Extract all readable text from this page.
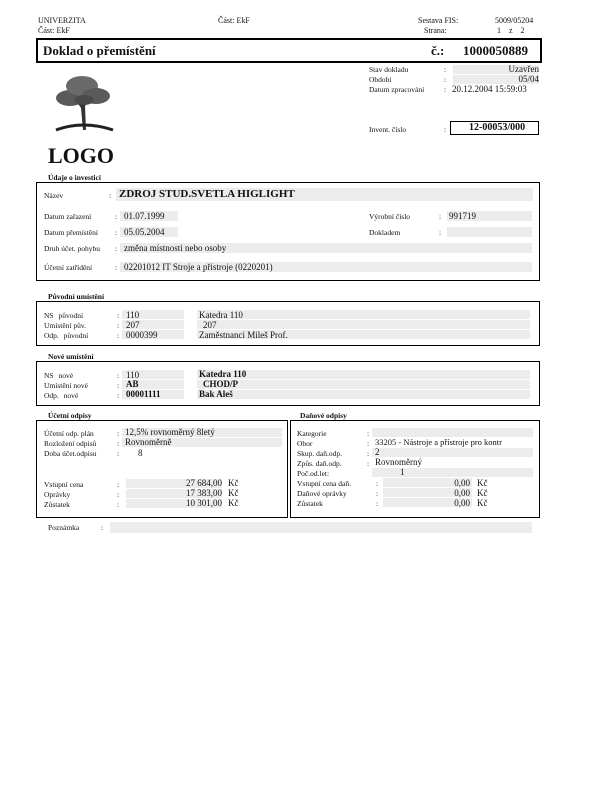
UNIVERZITA
Část: EkF
Část: EkF	Sestava FIS:	5009/05204
Strana:	1 z 2
Doklad o přemístění	č.: 1000050889
LOGO
Stav dokladu	:	Uzavřen
Období	:	05/04
Datum zpracování	: 20.12.2004 15:59:03
Invent. číslo	: 12-00053/000
Údaje o investici
Název	: ZDROJ STUD.SVETLA HIGLIGHT
Datum zařazení	: 01.07.1999	Výrobní číslo	: 991719
Datum přemístění : 05.05.2004	Dokladem	:
Druh účet. pohybu : změna místnosti nebo osoby
Účetní zatřídění	: 02201012 IT Stroje a přístroje (0220201)
Původní umístění
NS původní	: 110	Katedra 110
Umístění pův.	: 207	207
Odp. původní	: 0000399	Zaměstnanci Mileš Prof.
Nové umístění
NS nové	: 110	Katedra 110
Umístění nové	: AB	CHOD/P
Odp. nové	: 00001111	Bak Aleš
Účetní odpisy
Účetní odp. plán	: 12,5% rovnoměrný 8letý
Rozložení odpisů	: Rovnoměrně
Doba účet.odpisu	: 8
Vstupní cena	:	27 684,00 Kč
Oprávky	:	17 383,00 Kč
Zůstatek	:	10 301,00 Kč
Daňové odpisy
Kategorie	:
Obor	: 33205 - Nástroje a přístroje pro kontr
Skup. daň.odp.	: 2
Způs. daň.odp.	: Rovnoměrný
Poč.od.let:	1
Vstupní cena daň.	:	0,00 Kč
Daňové oprávky	:	0,00 Kč
Zůstatek	:	0,00 Kč
Poznámka	:
